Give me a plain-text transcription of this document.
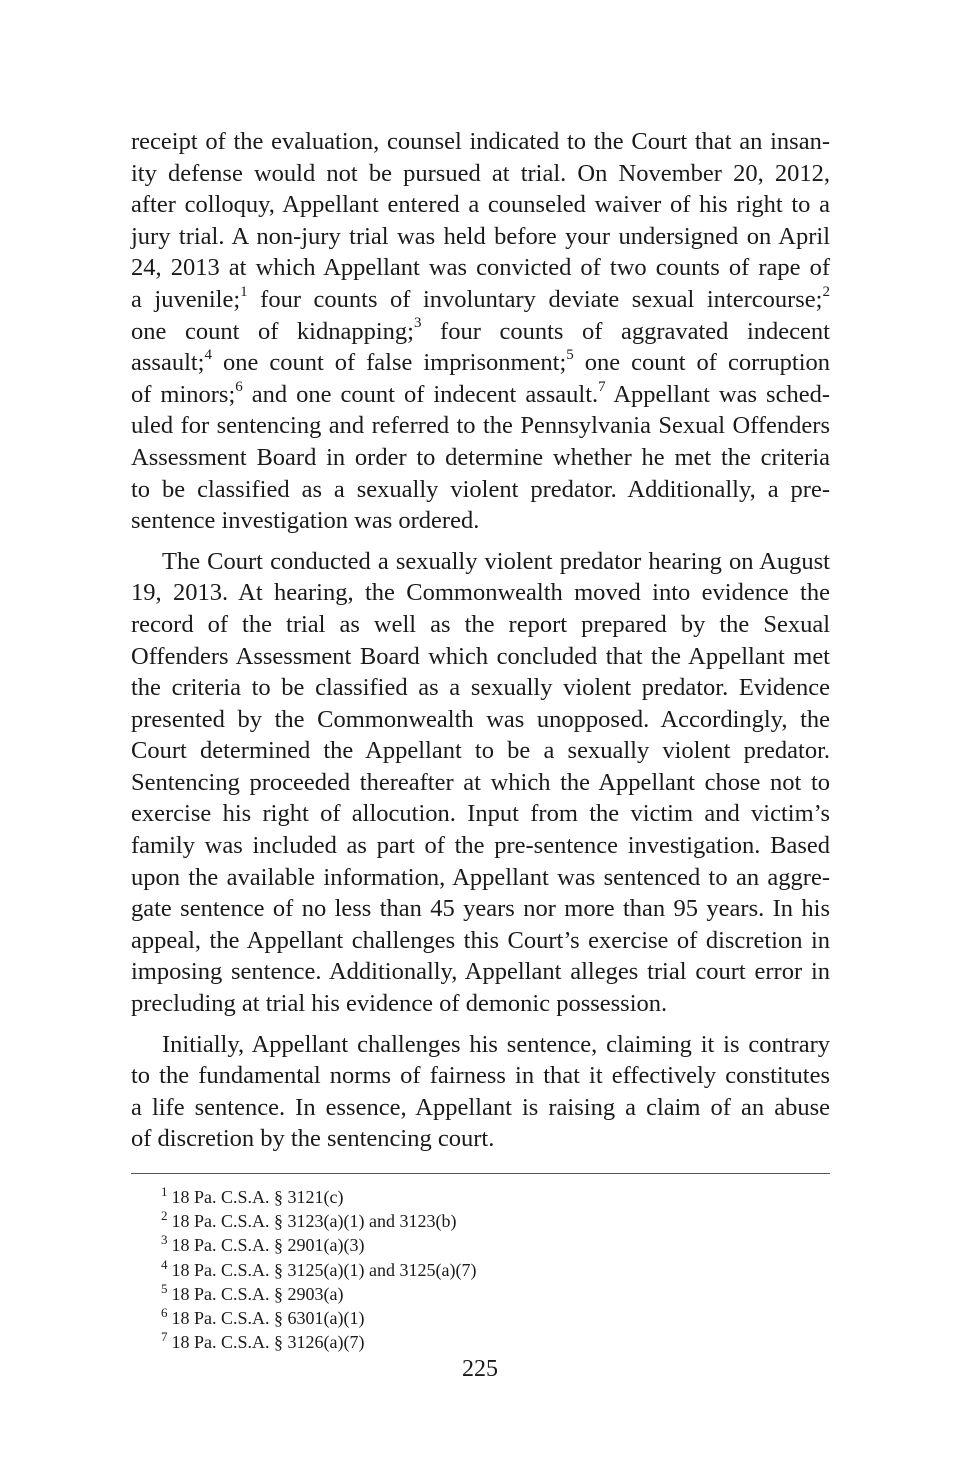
receipt of the evaluation, counsel indicated to the Court that an insan-
ity defense would not be pursued at trial. On November 20, 2012,
after colloquy, Appellant entered a counseled waiver of his right to a
jury trial. A non-jury trial was held before your undersigned on April
24, 2013 at which Appellant was convicted of two counts of rape of
a juvenile;$^1$ four counts of involuntary deviate sexual intercourse;$^2$
one count of kidnapping;$^3$ four counts of aggravated indecent
assault;$^4$ one count of false imprisonment;$^5$ one count of corruption
of minors;$^6$ and one count of indecent assault.$^7$ Appellant was sched-
uled for sentencing and referred to the Pennsylvania Sexual Offenders
Assessment Board in order to determine whether he met the criteria
to be classified as a sexually violent predator. Additionally, a pre-
sentence investigation was ordered.
The Court conducted a sexually violent predator hearing on August
19, 2013. At hearing, the Commonwealth moved into evidence the
record of the trial as well as the report prepared by the Sexual
Offenders Assessment Board which concluded that the Appellant met
the criteria to be classified as a sexually violent predator. Evidence
presented by the Commonwealth was unopposed. Accordingly, the
Court determined the Appellant to be a sexually violent predator.
Sentencing proceeded thereafter at which the Appellant chose not to
exercise his right of allocution. Input from the victim and victim’s
family was included as part of the pre-sentence investigation. Based
upon the available information, Appellant was sentenced to an aggre-
gate sentence of no less than 45 years nor more than 95 years. In his
appeal, the Appellant challenges this Court’s exercise of discretion in
imposing sentence. Additionally, Appellant alleges trial court error in
precluding at trial his evidence of demonic possession.
Initially, Appellant challenges his sentence, claiming it is contrary
to the fundamental norms of fairness in that it effectively constitutes
a life sentence. In essence, Appellant is raising a claim of an abuse
of discretion by the sentencing court.
$^1$ 18 Pa. C.S.A. § 3121(c)
$^2$ 18 Pa. C.S.A. § 3123(a)(1) and 3123(b)
$^3$ 18 Pa. C.S.A. § 2901(a)(3)
$^4$ 18 Pa. C.S.A. § 3125(a)(1) and 3125(a)(7)
$^5$ 18 Pa. C.S.A. § 2903(a)
$^6$ 18 Pa. C.S.A. § 6301(a)(1)
$^7$ 18 Pa. C.S.A. § 3126(a)(7)
225
